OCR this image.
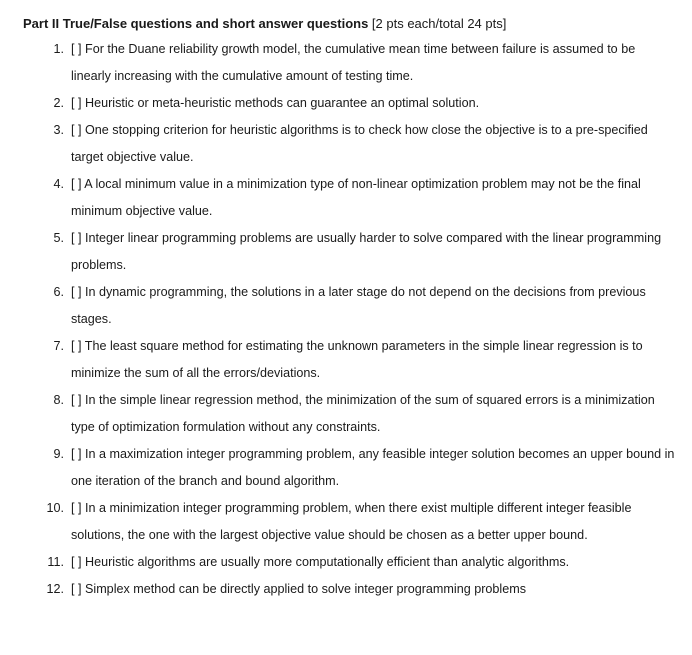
Part II True/False questions and short answer questions [2 pts each/total 24 pts]
1. [ ] For the Duane reliability growth model, the cumulative mean time between failure is assumed to be linearly increasing with the cumulative amount of testing time.
2. [ ] Heuristic or meta-heuristic methods can guarantee an optimal solution.
3. [ ] One stopping criterion for heuristic algorithms is to check how close the objective is to a pre-specified target objective value.
4. [ ] A local minimum value in a minimization type of non-linear optimization problem may not be the final minimum objective value.
5. [ ] Integer linear programming problems are usually harder to solve compared with the linear programming problems.
6. [ ] In dynamic programming, the solutions in a later stage do not depend on the decisions from previous stages.
7. [ ] The least square method for estimating the unknown parameters in the simple linear regression is to minimize the sum of all the errors/deviations.
8. [ ] In the simple linear regression method, the minimization of the sum of squared errors is a minimization type of optimization formulation without any constraints.
9. [ ] In a maximization integer programming problem, any feasible integer solution becomes an upper bound in one iteration of the branch and bound algorithm.
10. [ ] In a minimization integer programming problem, when there exist multiple different integer feasible solutions, the one with the largest objective value should be chosen as a better upper bound.
11. [ ] Heuristic algorithms are usually more computationally efficient than analytic algorithms.
12. [ ] Simplex method can be directly applied to solve integer programming problems
